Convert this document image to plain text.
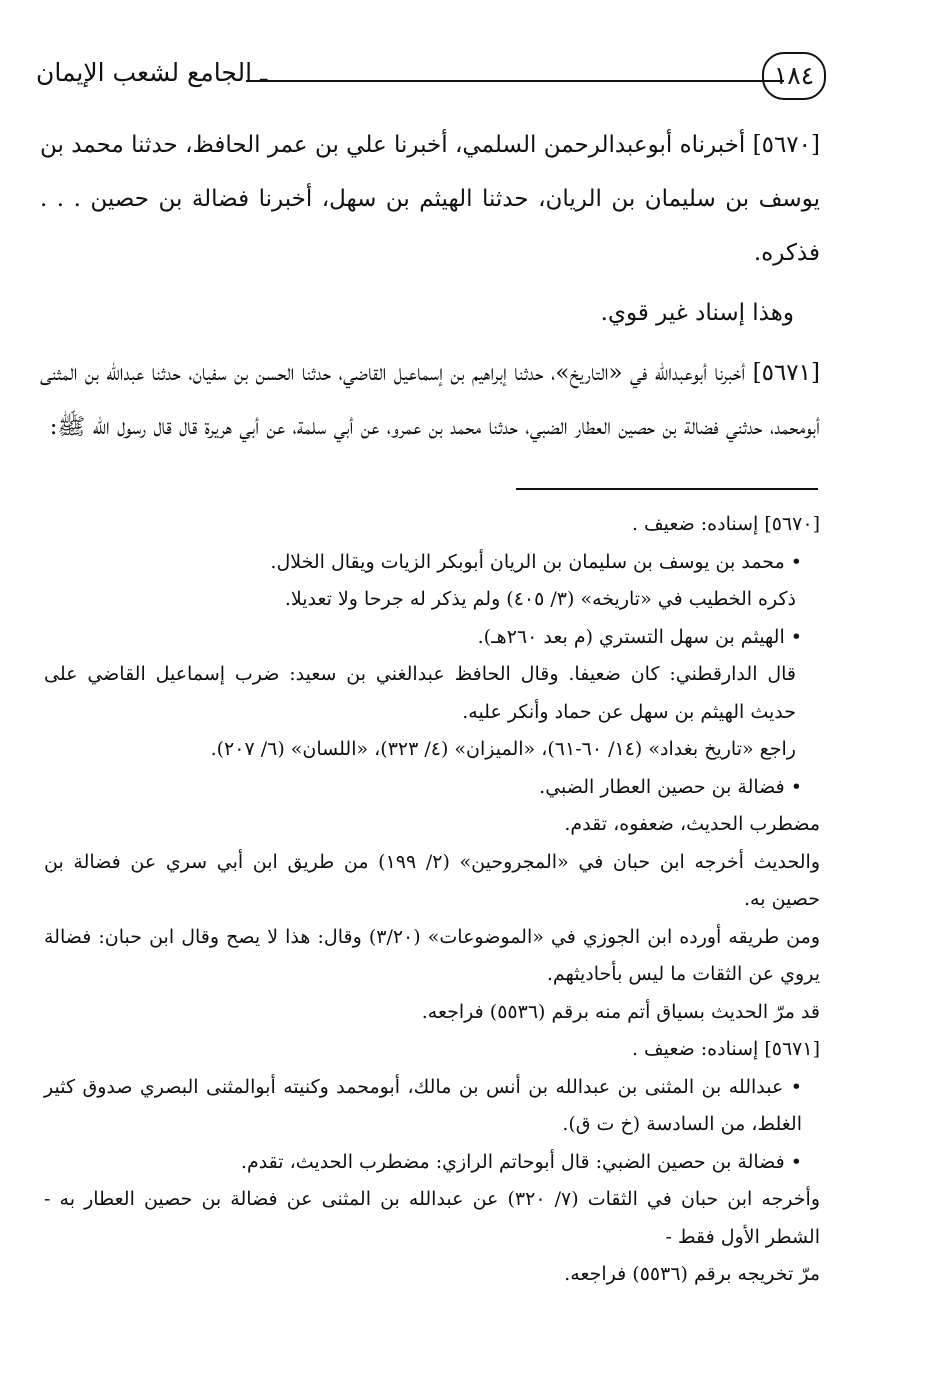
ـ الجامع لشعب الإيمان	١٨٤

[٥٦٧٠] أخبرناه أبوعبدالرحمن السلمي، أخبرنا علي بن عمر الحافظ، حدثنا محمد بن يوسف بن سليمان بن الريان، حدثنا الهيثم بن سهل، أخبرنا فضالة بن حصين . . . فذكره.

وهذا إسناد غير قوي.

[٥٦٧١] أخبرنا أبوعبدالله في «التاريخ»، حدثنا إبراهيم بن إسماعيل القاضي، حدثنا الحسن بن سفيان، حدثنا عبدالله بن المثنى أبومحمد، حدثني فضالة بن حصين العطار الضبي، حدثنا محمد بن عمرو، عن أبي سلمة، عن أبي هريرة قال قال رسول الله ﷺ:

[٥٦٧٠] إسناده: ضعيف .

• محمد بن يوسف بن سليمان بن الريان أبوبكر الزيات ويقال الخلال.

ذكره الخطيب في «تاريخه» (٣/ ٤٠٥) ولم يذكر له جرحا ولا تعديلا.

• الهيثم بن سهل التستري (م بعد ٢٦٠هـ).

قال الدارقطني: كان ضعيفا. وقال الحافظ عبدالغني بن سعيد: ضرب إسماعيل القاضي على حديث الهيثم بن سهل عن حماد وأنكر عليه.

راجع «تاريخ بغداد» (١٤/ ٦٠-٦١)، «الميزان» (٤/ ٣٢٣)، «اللسان» (٦/ ٢٠٧).

• فضالة بن حصين العطار الضبي.

مضطرب الحديث، ضعفوه، تقدم.

والحديث أخرجه ابن حبان في «المجروحين» (٢/ ١٩٩) من طريق ابن أبي سري عن فضالة بن حصين به.

ومن طريقه أورده ابن الجوزي في «الموضوعات» (٣/٢٠) وقال: هذا لا يصح وقال ابن حبان: فضالة يروي عن الثقات ما ليس بأحاديثهم.

قد مرّ الحديث بسياق أتم منه برقم (٥٥٣٦) فراجعه.

[٥٦٧١] إسناده: ضعيف .

• عبدالله بن المثنى بن عبدالله بن أنس بن مالك، أبومحمد وكنيته أبوالمثنى البصري صدوق كثير الغلط، من السادسة (خ ت ق).

• فضالة بن حصين الضبي: قال أبوحاتم الرازي: مضطرب الحديث، تقدم.

وأخرجه ابن حبان في الثقات (٧/ ٣٢٠) عن عبدالله بن المثنى عن فضالة بن حصين العطار به - الشطر الأول فقط -

مرّ تخريجه برقم (٥٥٣٦) فراجعه.
